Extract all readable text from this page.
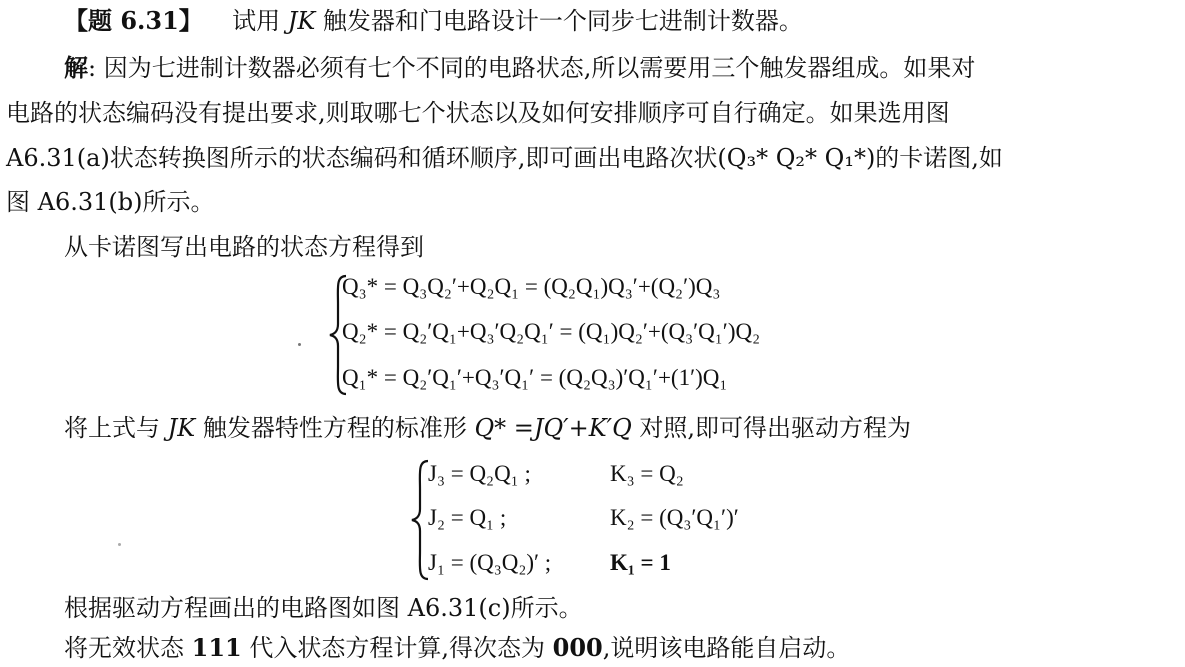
【题 6.31】 试用 JK 触发器和门电路设计一个同步七进制计数器。
解: 因为七进制计数器必须有七个不同的电路状态,所以需要用三个触发器组成。如果对
电路的状态编码没有提出要求,则取哪七个状态以及如何安排顺序可自行确定。如果选用图
A6.31(a)状态转换图所示的状态编码和循环顺序,即可画出电路次状(Q₃* Q₂* Q₁*)的卡诺图,如
图 A6.31(b)所示。
从卡诺图写出电路的状态方程得到
Q₃* = Q₃Q₂′+Q₂Q₁ = (Q₂Q₁)Q₃′+(Q₂′)Q₃
Q₂* = Q₂′Q₁+Q₃′Q₂Q₁′ = (Q₁)Q₂′+(Q₃′Q₁′)Q₂
Q₁* = Q₂′Q₁′+Q₃′Q₁′ = (Q₂Q₃)′Q₁′+(1′)Q₁
将上式与 JK 触发器特性方程的标准形 Q* =JQ′+K′Q 对照,即可得出驱动方程为
J₃ = Q₂Q₁ ;	K₃ = Q₂
J₂ = Q₁ ;	K₂ = (Q₃′Q₁′)′
J₁ = (Q₃Q₂)′ ;	K₁ = 1
根据驱动方程画出的电路图如图 A6.31(c)所示。
将无效状态 111 代入状态方程计算,得次态为 000,说明该电路能自启动。
